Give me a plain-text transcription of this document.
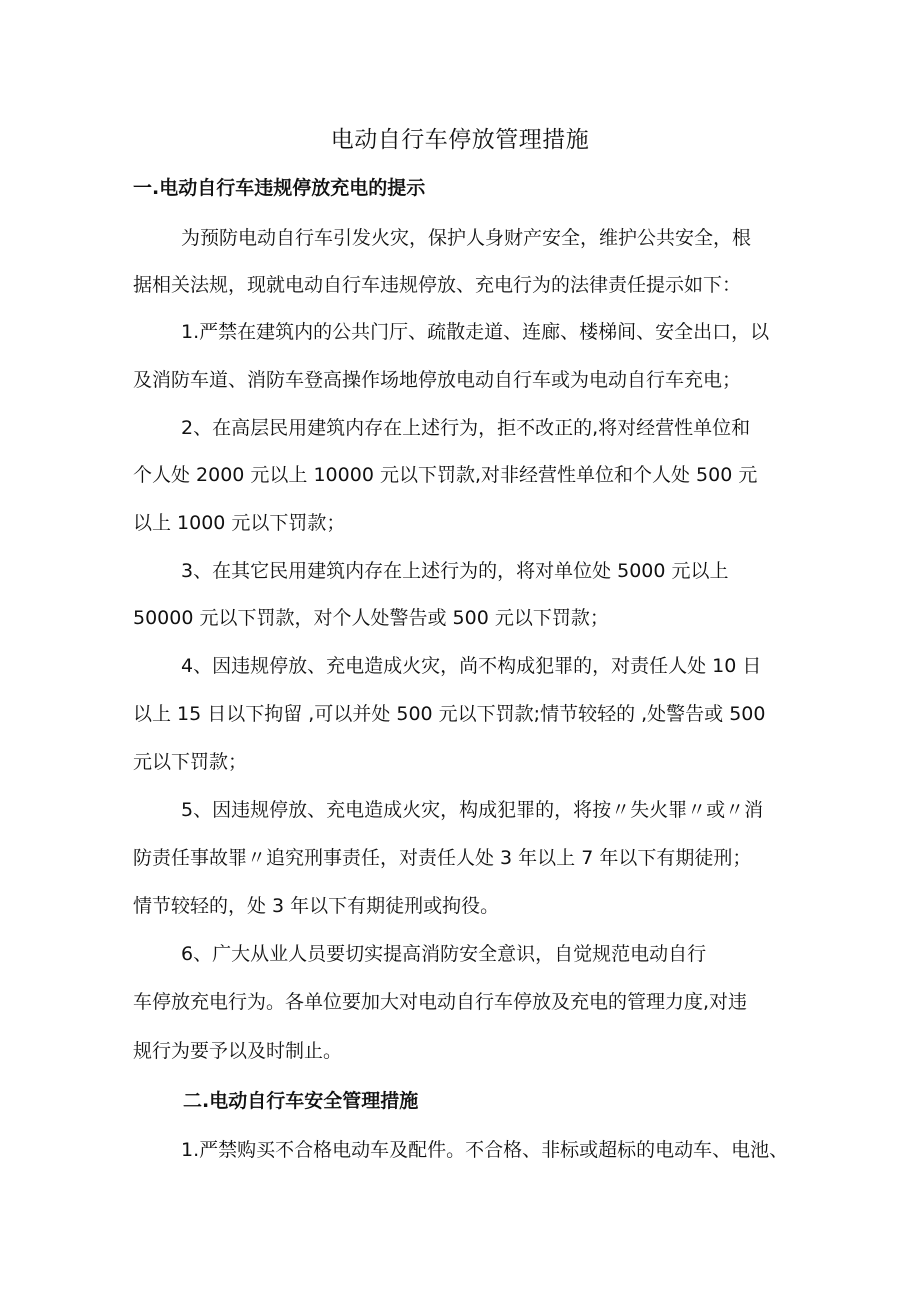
电动自行车停放管理措施
一.电动自行车违规停放充电的提示
为预防电动自行车引发火灾，保护人身财产安全，维护公共安全，根
据相关法规，现就电动自行车违规停放、充电行为的法律责任提示如下：
1.严禁在建筑内的公共门厅、疏散走道、连廊、楼梯间、安全出口，以
及消防车道、消防车登高操作场地停放电动自行车或为电动自行车充电；
2、在高层民用建筑内存在上述行为，拒不改正的,将对经营性单位和
个人处 2000 元以上 10000 元以下罚款,对非经营性单位和个人处 500 元
以上 1000 元以下罚款；
3、在其它民用建筑内存在上述行为的，将对单位处 5000 元以上
50000 元以下罚款，对个人处警告或 500 元以下罚款；
4、因违规停放、充电造成火灾，尚不构成犯罪的，对责任人处 10 日
以上 15 日以下拘留 ,可以并处 500 元以下罚款;情节较轻的 ,处警告或 500
元以下罚款；
5、因违规停放、充电造成火灾，构成犯罪的，将按〃失火罪〃或〃消
防责任事故罪〃追究刑事责任，对责任人处 3 年以上 7 年以下有期徒刑；
情节较轻的，处 3 年以下有期徒刑或拘役。
6、广大从业人员要切实提高消防安全意识，自觉规范电动自行
车停放充电行为。各单位要加大对电动自行车停放及充电的管理力度,对违
规行为要予以及时制止。
二.电动自行车安全管理措施
1.严禁购买不合格电动车及配件。不合格、非标或超标的电动车、电池、
